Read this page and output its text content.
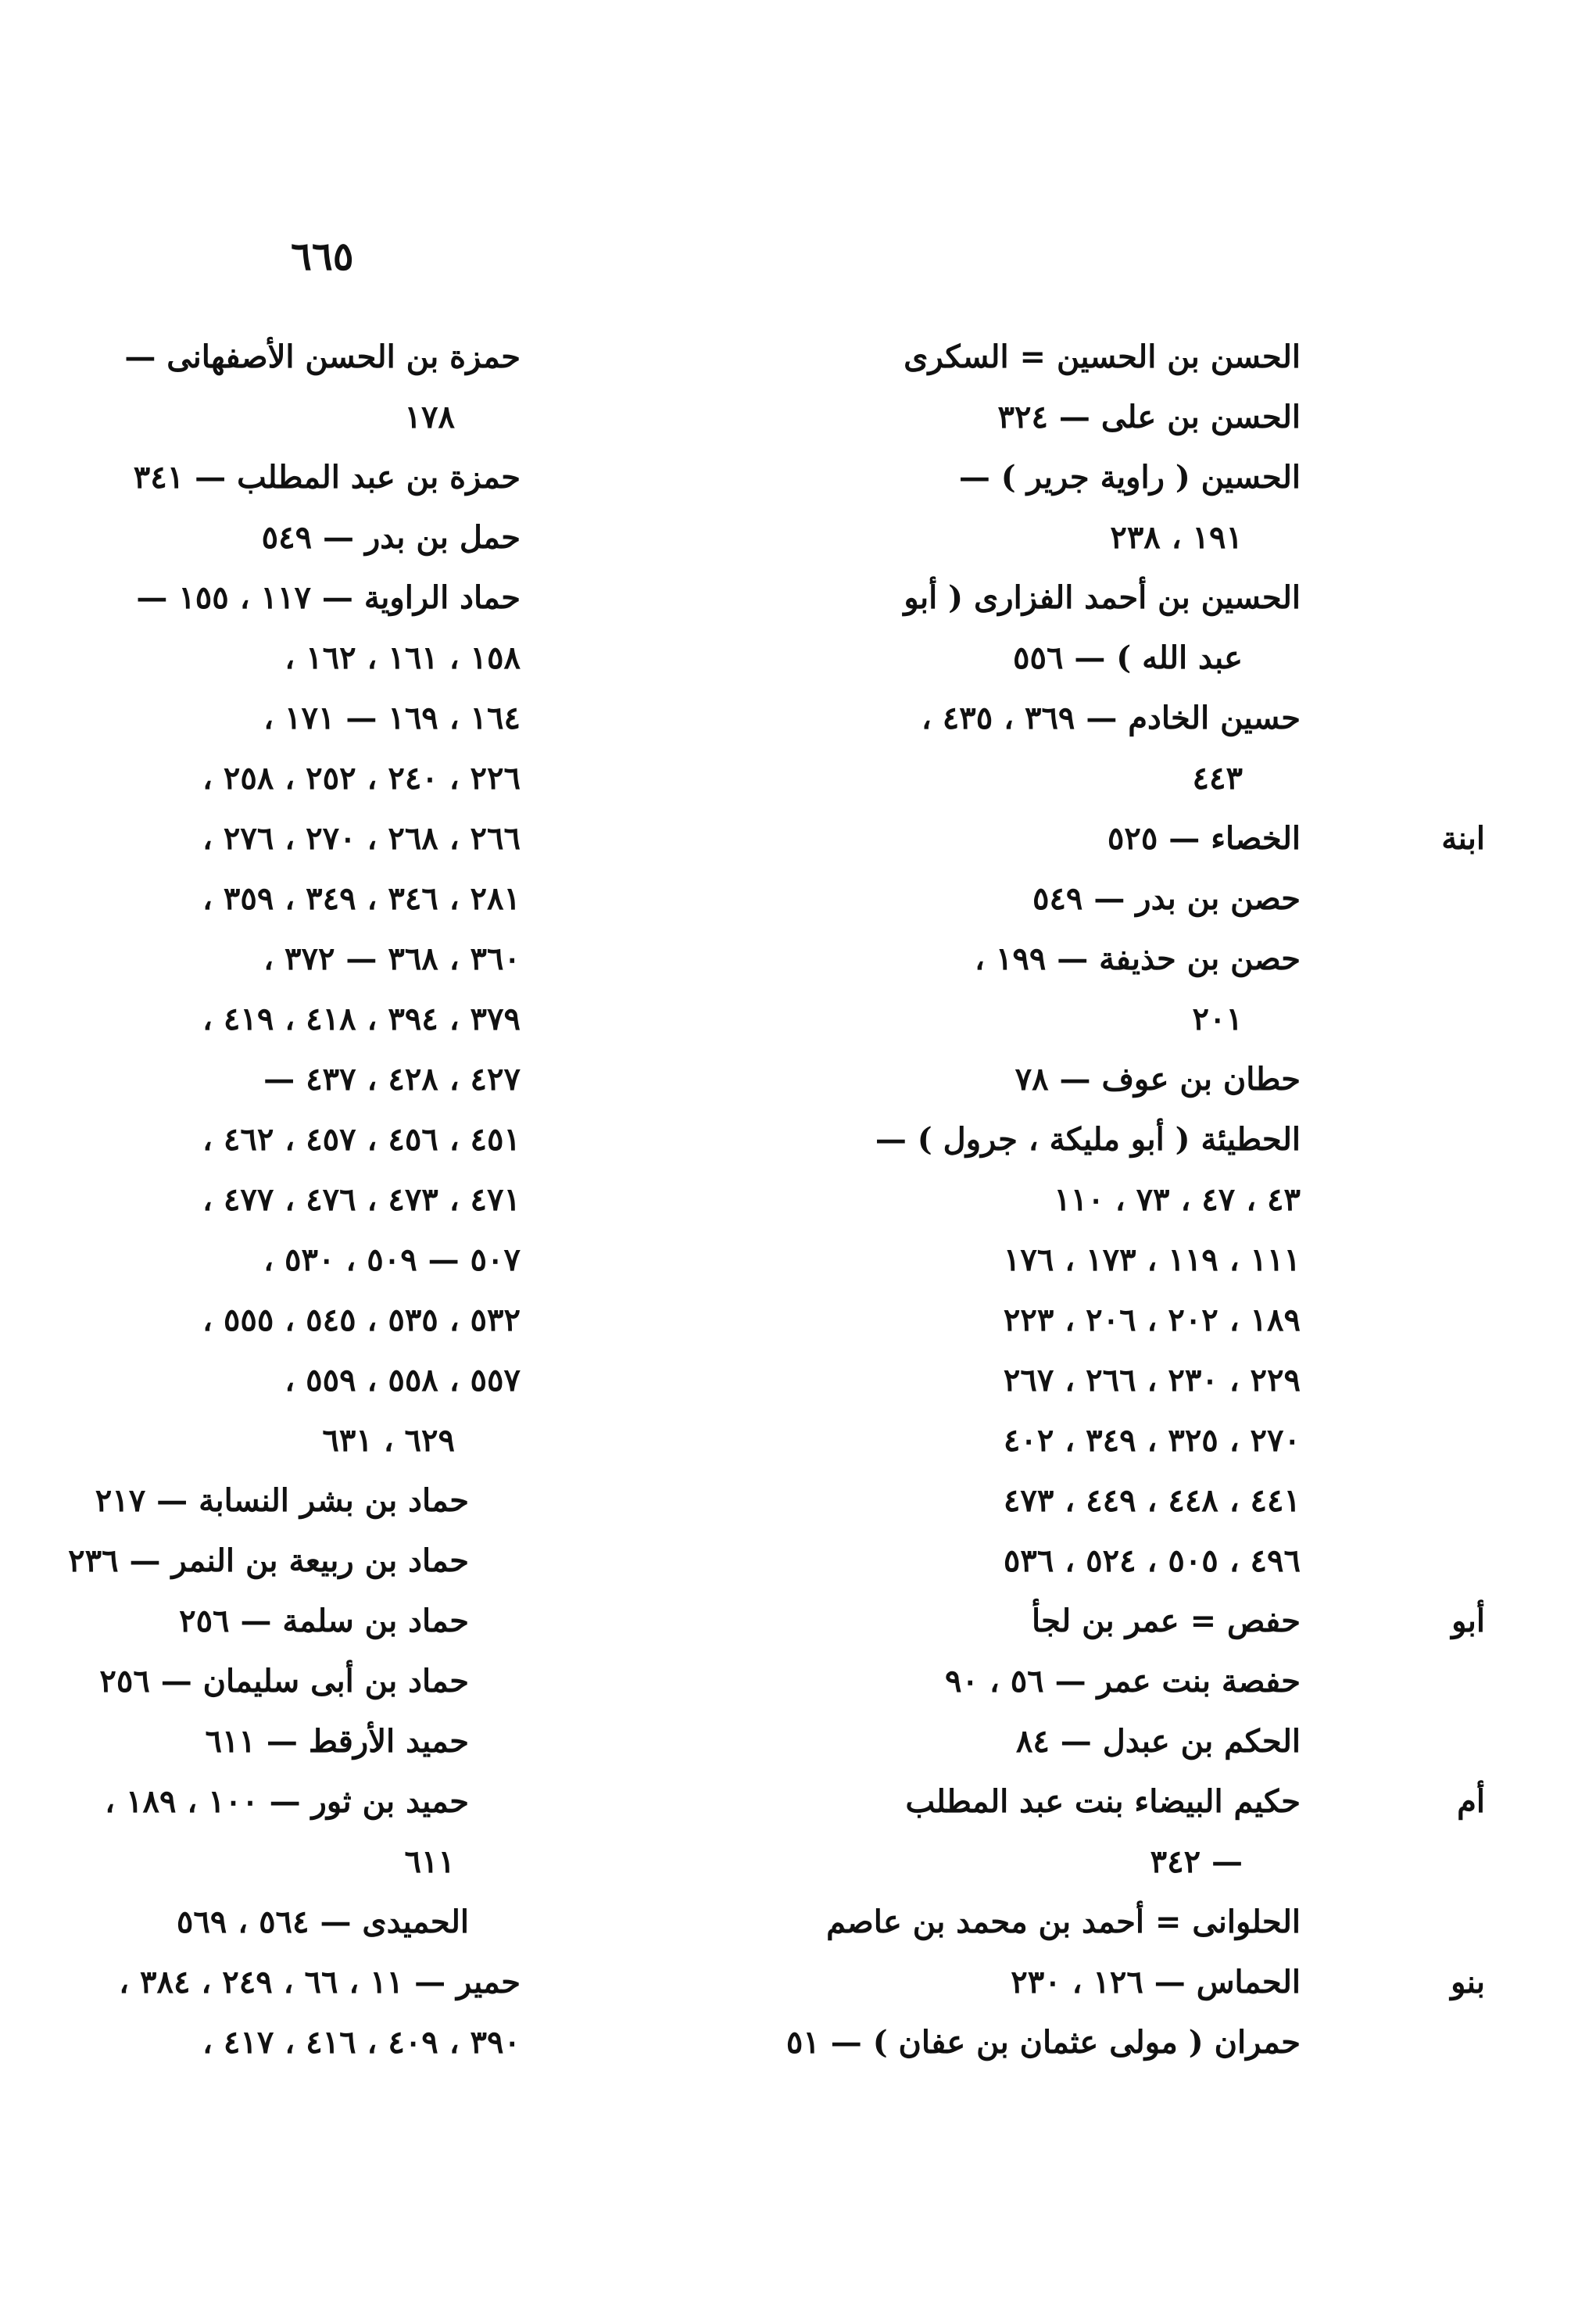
٦٦٥
الحسن بن الحسين = السكرى
الحسن بن على — ٣٢٤
الحسين ( راوية جرير ) —
١٩١ ، ٢٣٨
الحسين بن أحمد الفزارى ( أبو
عبد الله ) — ٥٥٦
حسين الخادم — ٣٦٩ ، ٤٣٥ ،
٤٤٣
ابنة
الخصاء — ٥٢٥
حصن بن بدر — ٥٤٩
حصن بن حذيفة — ١٩٩ ،
٢٠١
حطان بن عوف — ٧٨
الحطيئة ( أبو مليكة ، جرول ) —
٤٣ ، ٤٧ ، ٧٣ ، ١١٠
١١١ ، ١١٩ ، ١٧٣ ، ١٧٦
١٨٩ ، ٢٠٢ ، ٢٠٦ ، ٢٢٣
٢٢٩ ، ٢٣٠ ، ٢٦٦ ، ٢٦٧
٢٧٠ ، ٣٢٥ ، ٣٤٩ ، ٤٠٢
٤٤١ ، ٤٤٨ ، ٤٤٩ ، ٤٧٣
٤٩٦ ، ٥٠٥ ، ٥٢٤ ، ٥٣٦
أبو
حفص = عمر بن لجأ
حفصة بنت عمر — ٥٦ ، ٩٠
الحكم بن عبدل — ٨٤
أم
حكيم البيضاء بنت عبد المطلب
— ٣٤٢
الحلوانى = أحمد بن محمد بن عاصم
بنو
الحماس — ١٢٦ ، ٢٣٠
حمران ( مولى عثمان بن عفان ) — ٥١
حمزة بن الحسن الأصفهانى —
١٧٨
حمزة بن عبد المطلب — ٣٤١
حمل بن بدر — ٥٤٩
حماد الراوية — ١١٧ ، ١٥٥ —
١٥٨ ، ١٦١ ، ١٦٢ ،
١٦٤ ، ١٦٩ — ١٧١ ،
٢٢٦ ، ٢٤٠ ، ٢٥٢ ، ٢٥٨ ،
٢٦٦ ، ٢٦٨ ، ٢٧٠ ، ٢٧٦ ،
٢٨١ ، ٣٤٦ ، ٣٤٩ ، ٣٥٩ ،
٣٦٠ ، ٣٦٨ — ٣٧٢ ،
٣٧٩ ، ٣٩٤ ، ٤١٨ ، ٤١٩ ،
٤٢٧ ، ٤٢٨ ، ٤٣٧ —
٤٥١ ، ٤٥٦ ، ٤٥٧ ، ٤٦٢ ،
٤٧١ ، ٤٧٣ ، ٤٧٦ ، ٤٧٧ ،
٥٠٧ — ٥٠٩ ، ٥٣٠ ،
٥٣٢ ، ٥٣٥ ، ٥٤٥ ، ٥٥٥ ،
٥٥٧ ، ٥٥٨ ، ٥٥٩ ،
٦٢٩ ، ٦٣١
حماد بن بشر النسابة — ٢١٧
حماد بن ربيعة بن النمر — ٢٣٦
حماد بن سلمة — ٢٥٦
حماد بن أبى سليمان — ٢٥٦
حميد الأرقط — ٦١١
حميد بن ثور — ١٠٠ ، ١٨٩ ،
٦١١
الحميدى — ٥٦٤ ، ٥٦٩
حمير — ١١ ، ٦٦ ، ٢٤٩ ، ٣٨٤ ،
٣٩٠ ، ٤٠٩ ، ٤١٦ ، ٤١٧ ،
